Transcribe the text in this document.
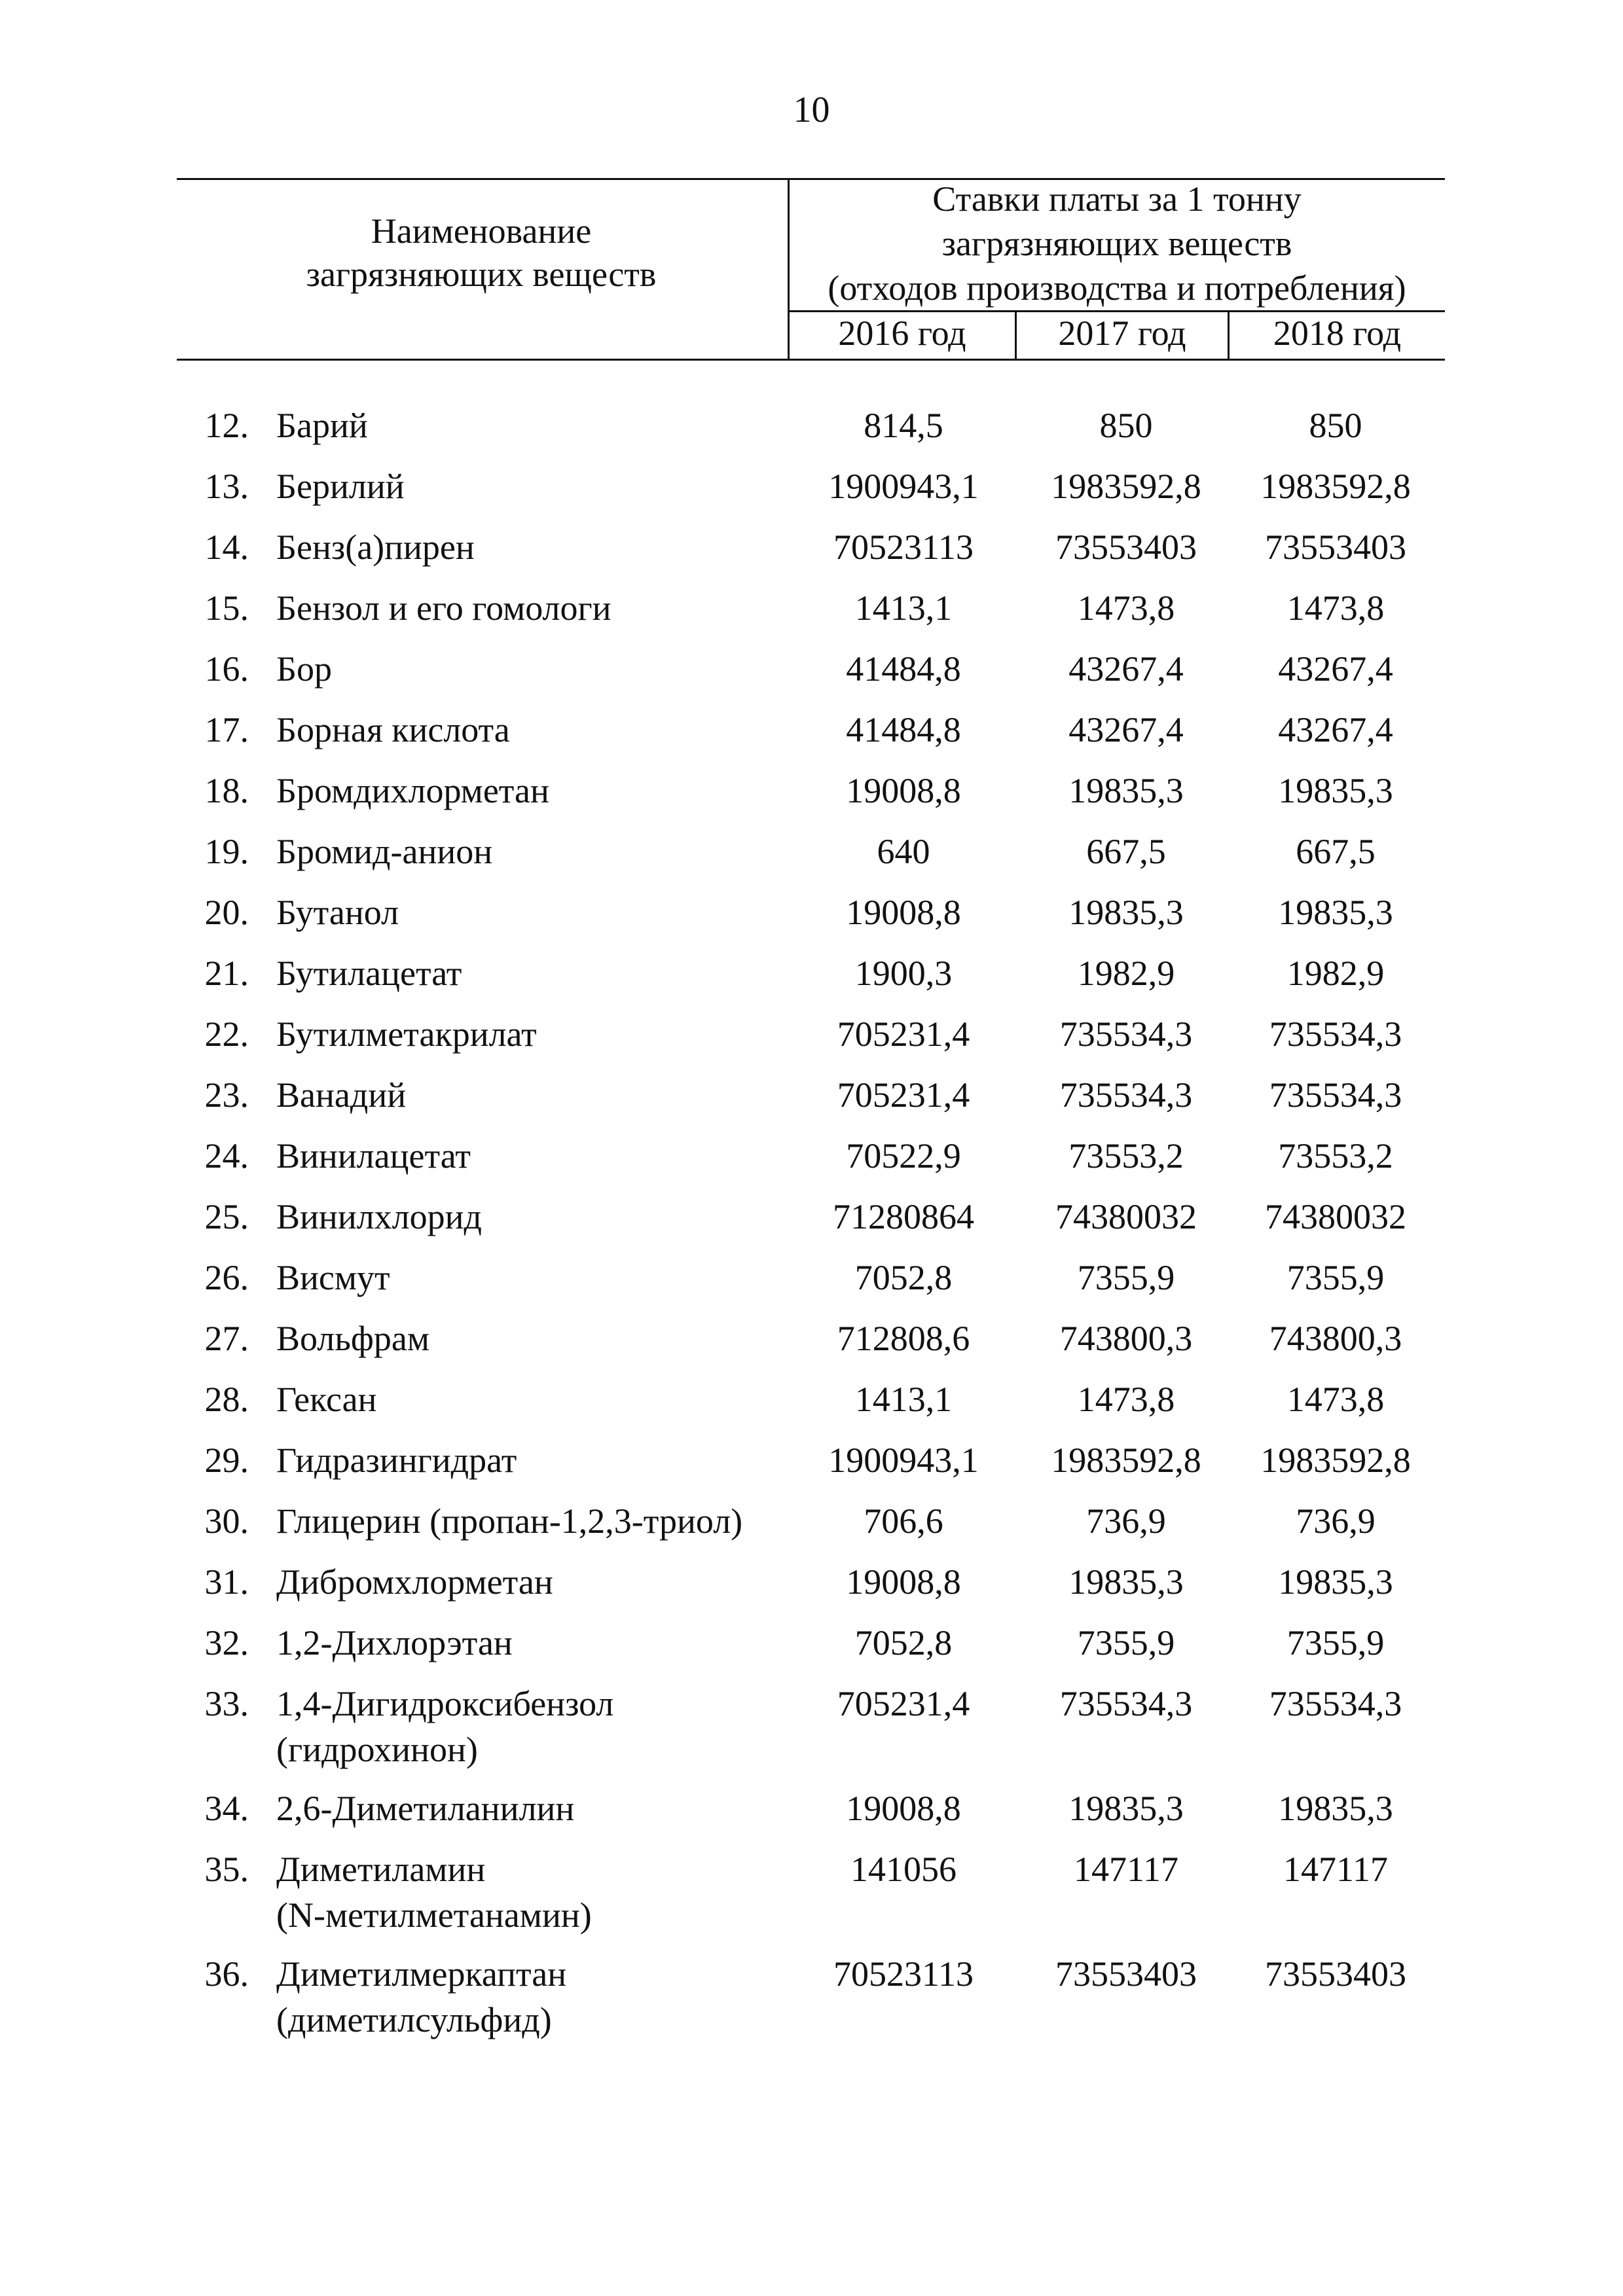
10
Наименование
загрязняющих веществ
Ставки платы за 1 тонну
загрязняющих веществ
(отходов производства и потребления)
2016 год	2017 год	2018 год
12. Барий	814,5	850	850
13. Берилий	1900943,1	1983592,8	1983592,8
14. Бенз(а)пирен	70523113	73553403	73553403
15. Бензол и его гомологи	1413,1	1473,8	1473,8
16. Бор	41484,8	43267,4	43267,4
17. Борная кислота	41484,8	43267,4	43267,4
18. Бромдихлорметан	19008,8	19835,3	19835,3
19. Бромид-анион	640	667,5	667,5
20. Бутанол	19008,8	19835,3	19835,3
21. Бутилацетат	1900,3	1982,9	1982,9
22. Бутилметакрилат	705231,4	735534,3	735534,3
23. Ванадий	705231,4	735534,3	735534,3
24. Винилацетат	70522,9	73553,2	73553,2
25. Винилхлорид	71280864	74380032	74380032
26. Висмут	7052,8	7355,9	7355,9
27. Вольфрам	712808,6	743800,3	743800,3
28. Гексан	1413,1	1473,8	1473,8
29. Гидразингидрат	1900943,1	1983592,8	1983592,8
30. Глицерин (пропан-1,2,3-триол)	706,6	736,9	736,9
31. Дибромхлорметан	19008,8	19835,3	19835,3
32. 1,2-Дихлорэтан	7052,8	7355,9	7355,9
33. 1,4-Дигидроксибензол
(гидрохинон)
705231,4	735534,3	735534,3
34. 2,6-Диметиланилин	19008,8	19835,3	19835,3
35. Диметиламин
(N-метилметанамин)
141056	147117	147117
36. Диметилмеркаптан
(диметилсульфид)
70523113	73553403	73553403
